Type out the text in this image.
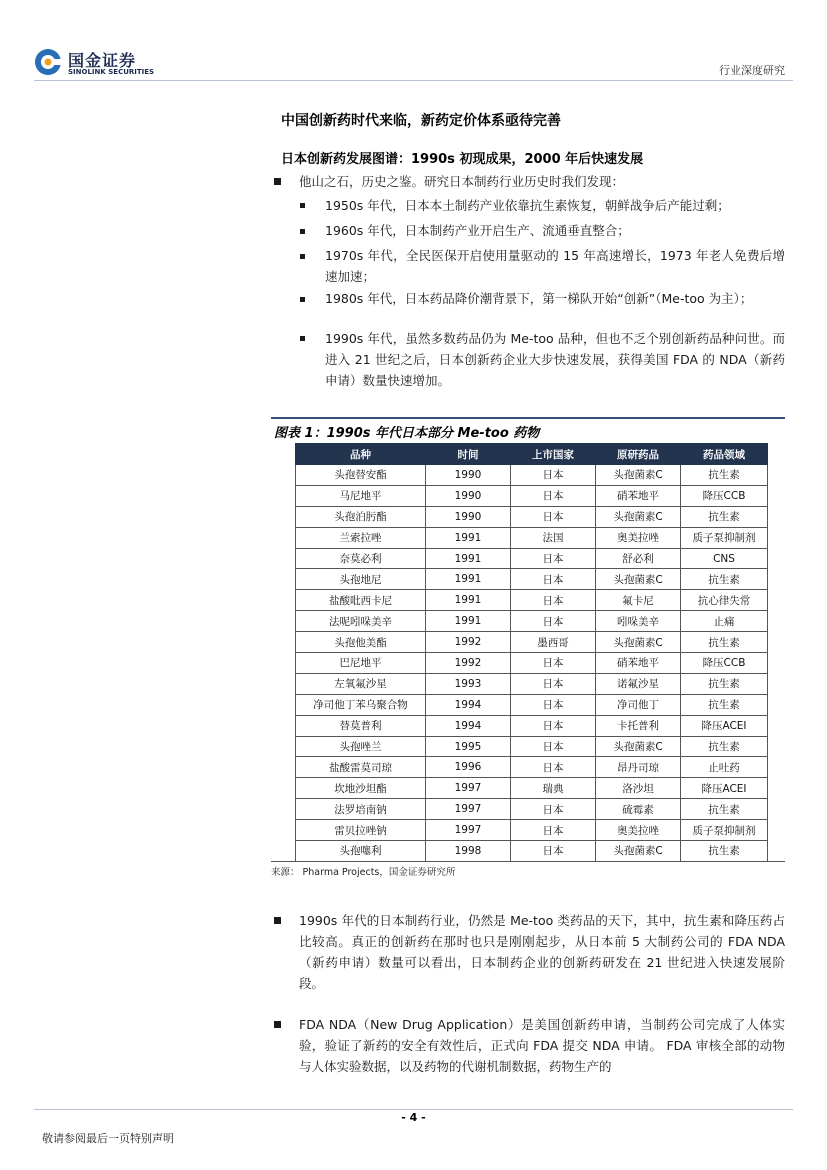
国金证券
SINOLINK SECURITIES	行业深度研究
中国创新药时代来临，新药定价体系亟待完善
日本创新药发展图谱：1990s 初现成果，2000 年后快速发展
他山之石，历史之鉴。研究日本制药行业历史时我们发现：
1950s 年代，日本本土制药产业依靠抗生素恢复，朝鲜战争后产能过剩；
1960s 年代，日本制药产业开启生产、流通垂直整合；
1970s 年代，全民医保开启使用量驱动的 15 年高速增长，1973 年老人免费后增速加速；
1980s 年代，日本药品降价潮背景下，第一梯队开始“创新”（Me-too 为主）；
1990s 年代，虽然多数药品仍为 Me-too 品种，但也不乏个别创新药品种问世。而进入 21 世纪之后，日本创新药企业大步快速发展，获得美国 FDA 的 NDA（新药申请）数量快速增加。
图表 1：1990s 年代日本部分 Me-too 药物
品种	时间	上市国家	原研药品	药品领域
头孢替安酯	1990	日本	头孢菌素C	抗生素
马尼地平	1990	日本	硝苯地平	降压CCB
头孢泊肟酯	1990	日本	头孢菌素C	抗生素
兰索拉唑	1991	法国	奥美拉唑	质子泵抑制剂
奈莫必利	1991	日本	舒必利	CNS
头孢地尼	1991	日本	头孢菌素C	抗生素
盐酸吡西卡尼	1991	日本	氟卡尼	抗心律失常
法呢吲哚美辛	1991	日本	吲哚美辛	止痛
头孢他美酯	1992	墨西哥	头孢菌素C	抗生素
巴尼地平	1992	日本	硝苯地平	降压CCB
左氧氟沙星	1993	日本	诺氟沙星	抗生素
净司他丁苯乌聚合物	1994	日本	净司他丁	抗生素
替莫普利	1994	日本	卡托普利	降压ACEI
头孢唑兰	1995	日本	头孢菌素C	抗生素
盐酸雷莫司琼	1996	日本	昂丹司琼	止吐药
坎地沙坦酯	1997	瑞典	洛沙坦	降压ACEI
法罗培南钠	1997	日本	硫霉素	抗生素
雷贝拉唑钠	1997	日本	奥美拉唑	质子泵抑制剂
头孢噻利	1998	日本	头孢菌素C	抗生素
来源： Pharma Projects，国金证券研究所
1990s 年代的日本制药行业，仍然是 Me-too 类药品的天下，其中，抗生素和降压药占比较高。真正的创新药在那时也只是刚刚起步，从日本前 5 大制药公司的 FDA NDA（新药申请）数量可以看出，日本制药企业的创新药研发在 21 世纪进入快速发展阶段。
FDA NDA（New Drug Application）是美国创新药申请，当制药公司完成了人体实验，验证了新药的安全有效性后，正式向 FDA 提交 NDA 申请。 FDA 审核全部的动物与人体实验数据，以及药物的代谢机制数据，药物生产的
- 4 -
敬请参阅最后一页特别声明
